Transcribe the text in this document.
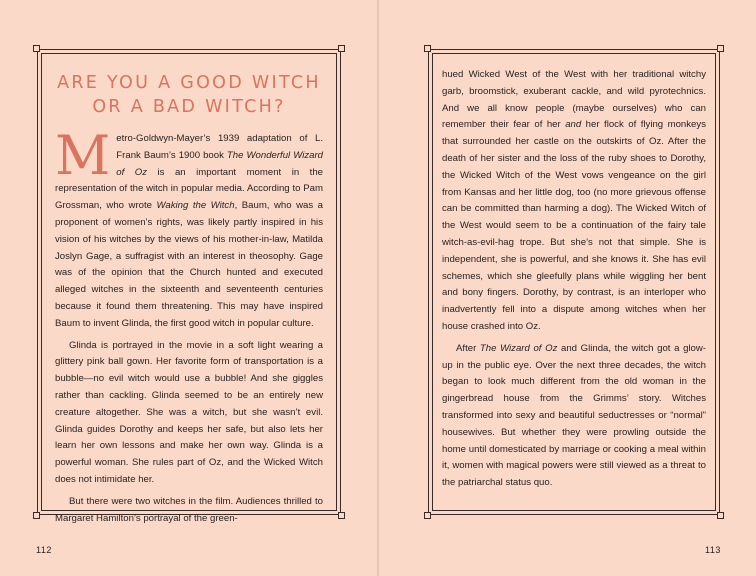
ARE YOU A GOOD WITCH
OR A BAD WITCH?

Metro-Goldwyn-Mayer’s 1939 adaptation of L. Frank Baum’s 1900 book The Wonderful Wizard of Oz is an important moment in the representation of the witch in popular media. According to Pam Grossman, who wrote Waking the Witch, Baum, who was a proponent of women’s rights, was likely partly inspired in his vision of his witches by the views of his mother-in-law, Matilda Joslyn Gage, a suffragist with an interest in theosophy. Gage was of the opinion that the Church hunted and executed alleged witches in the sixteenth and seventeenth centuries because it found them threatening. This may have inspired Baum to invent Glinda, the first good witch in popular culture.

Glinda is portrayed in the movie in a soft light wearing a glittery pink ball gown. Her favorite form of transportation is a bubble—no evil witch would use a bubble! And she giggles rather than cackling. Glinda seemed to be an entirely new creature altogether. She was a witch, but she wasn’t evil. Glinda guides Dorothy and keeps her safe, but also lets her learn her own lessons and make her own way. Glinda is a powerful woman. She rules part of Oz, and the Wicked Witch does not intimidate her.

But there were two witches in the film. Audiences thrilled to Margaret Hamilton’s portrayal of the green-

112

hued Wicked West of the West with her traditional witchy garb, broomstick, exuberant cackle, and wild pyrotechnics. And we all know people (maybe ourselves) who can remember their fear of her and her flock of flying monkeys that surrounded her castle on the outskirts of Oz. After the death of her sister and the loss of the ruby shoes to Dorothy, the Wicked Witch of the West vows vengeance on the girl from Kansas and her little dog, too (no more grievous offense can be committed than harming a dog). The Wicked Witch of the West would seem to be a continuation of the fairy tale witch-as-evil-hag trope. But she’s not that simple. She is independent, she is powerful, and she knows it. She has evil schemes, which she gleefully plans while wiggling her bent and bony fingers. Dorothy, by contrast, is an interloper who inadvertently fell into a dispute among witches when her house crashed into Oz.

After The Wizard of Oz and Glinda, the witch got a glow-up in the public eye. Over the next three decades, the witch began to look much different from the old woman in the gingerbread house from the Grimms’ story. Witches transformed into sexy and beautiful seductresses or “normal” housewives. But whether they were prowling outside the home until domesticated by marriage or cooking a meal within it, women with magical powers were still viewed as a threat to the patriarchal status quo.

113
